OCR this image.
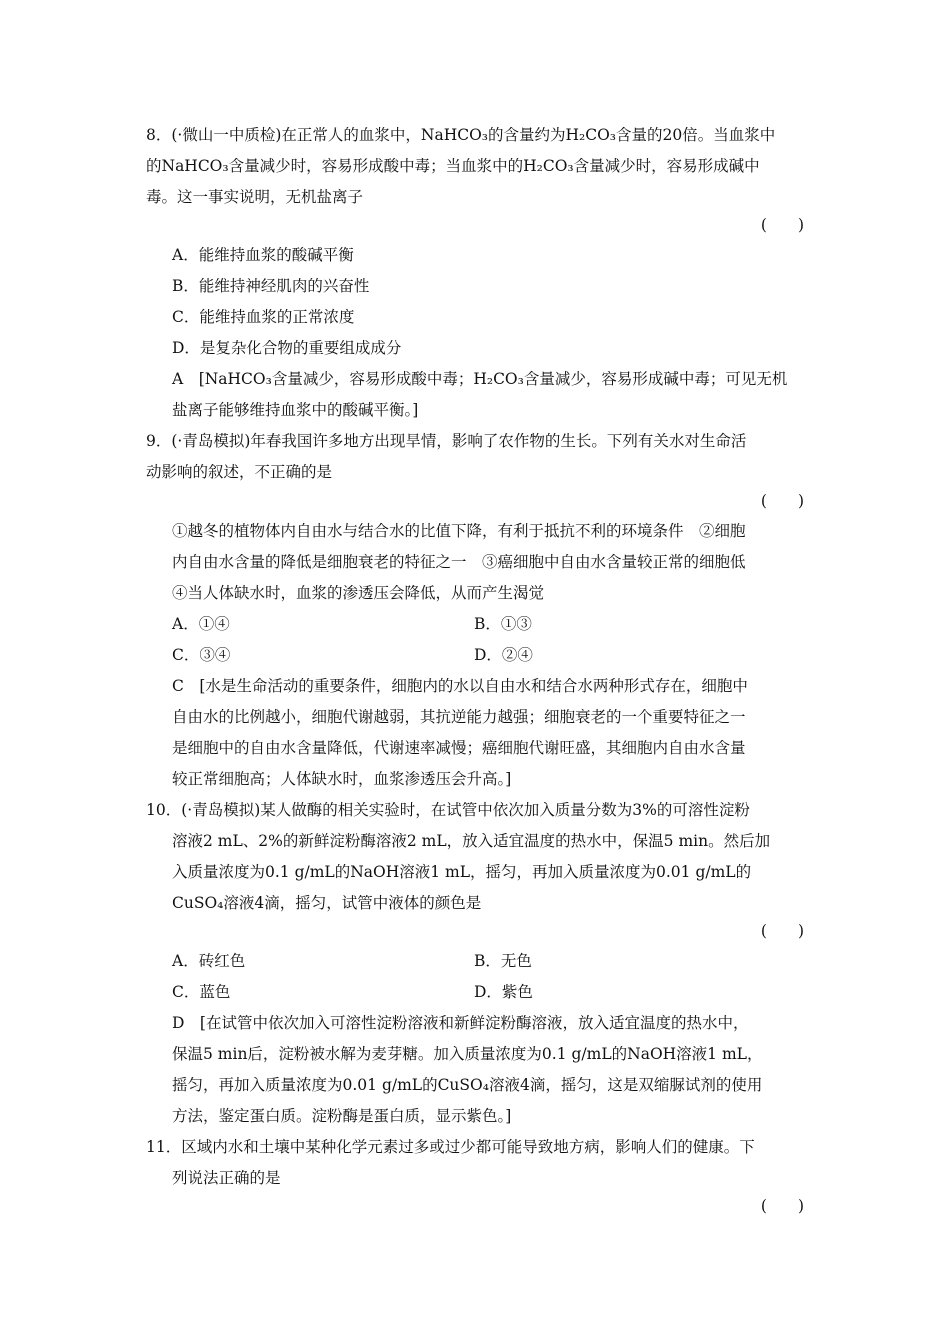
8．(·微山一中质检)在正常人的血浆中，NaHCO₃的含量约为H₂CO₃含量的20倍。当血浆中
的NaHCO₃含量减少时，容易形成酸中毒；当血浆中的H₂CO₃含量减少时，容易形成碱中
毒。这一事实说明，无机盐离子
(　　)
A．能维持血浆的酸碱平衡
B．能维持神经肌肉的兴奋性
C．能维持血浆的正常浓度
D．是复杂化合物的重要组成成分
A　[NaHCO₃含量减少，容易形成酸中毒；H₂CO₃含量减少，容易形成碱中毒；可见无机
盐离子能够维持血浆中的酸碱平衡。]
9．(·青岛模拟)年春我国许多地方出现旱情，影响了农作物的生长。下列有关水对生命活
动影响的叙述，不正确的是
(　　)
①越冬的植物体内自由水与结合水的比值下降，有利于抵抗不利的环境条件　②细胞
内自由水含量的降低是细胞衰老的特征之一　③癌细胞中自由水含量较正常的细胞低
④当人体缺水时，血浆的渗透压会降低，从而产生渴觉
A．①④	B．①③
C．③④	D．②④
C　[水是生命活动的重要条件，细胞内的水以自由水和结合水两种形式存在，细胞中
自由水的比例越小，细胞代谢越弱，其抗逆能力越强；细胞衰老的一个重要特征之一
是细胞中的自由水含量降低，代谢速率减慢；癌细胞代谢旺盛，其细胞内自由水含量
较正常细胞高；人体缺水时，血浆渗透压会升高。]
10．(·青岛模拟)某人做酶的相关实验时，在试管中依次加入质量分数为3%的可溶性淀粉
溶液2 mL、2%的新鲜淀粉酶溶液2 mL，放入适宜温度的热水中，保温5 min。然后加
入质量浓度为0.1 g/mL的NaOH溶液1 mL，摇匀，再加入质量浓度为0.01 g/mL的
CuSO₄溶液4滴，摇匀，试管中液体的颜色是
(　　)
A．砖红色	B．无色
C．蓝色	D．紫色
D　[在试管中依次加入可溶性淀粉溶液和新鲜淀粉酶溶液，放入适宜温度的热水中，
保温5 min后，淀粉被水解为麦芽糖。加入质量浓度为0.1 g/mL的NaOH溶液1 mL，
摇匀，再加入质量浓度为0.01 g/mL的CuSO₄溶液4滴，摇匀，这是双缩脲试剂的使用
方法，鉴定蛋白质。淀粉酶是蛋白质，显示紫色。]
11．区域内水和土壤中某种化学元素过多或过少都可能导致地方病，影响人们的健康。下
列说法正确的是
(　　)
